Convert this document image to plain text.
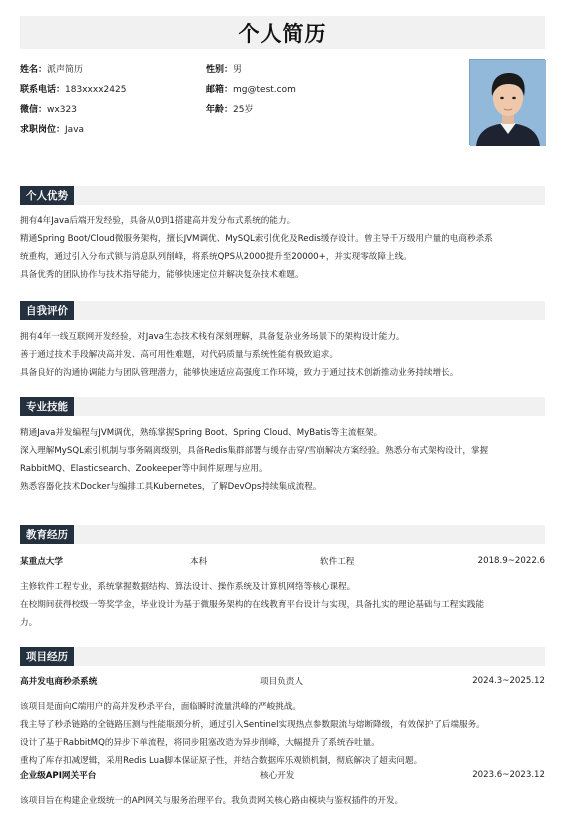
个人简历
姓名：派声简历	性别：男
联系电话：183xxxx2425	邮箱：mg@test.com
微信：wx323	年龄：25岁
求职岗位：Java
个人优势

拥有4年Java后端开发经验，具备从0到1搭建高并发分布式系统的能力。

精通Spring Boot/Cloud微服务架构，擅长JVM调优、MySQL索引优化及Redis缓存设计。曾主导千万级用户量的电商秒杀系

统重构，通过引入分布式锁与消息队列削峰，将系统QPS从2000提升至20000+，并实现零故障上线。

具备优秀的团队协作与技术指导能力，能够快速定位并解决复杂技术难题。

自我评价

拥有4年一线互联网开发经验，对Java生态技术栈有深刻理解，具备复杂业务场景下的架构设计能力。

善于通过技术手段解决高并发、高可用性难题，对代码质量与系统性能有极致追求。

具备良好的沟通协调能力与团队管理潜力，能够快速适应高强度工作环境，致力于通过技术创新推动业务持续增长。

专业技能

精通Java并发编程与JVM调优，熟练掌握Spring Boot、Spring Cloud、MyBatis等主流框架。

深入理解MySQL索引机制与事务隔离级别，具备Redis集群部署与缓存击穿/雪崩解决方案经验。熟悉分布式架构设计，掌握

RabbitMQ、Elasticsearch、Zookeeper等中间件原理与应用。

熟悉容器化技术Docker与编排工具Kubernetes，了解DevOps持续集成流程。

教育经历
某重点大学	本科	软件工程	2018.9~2022.6

主修软件工程专业，系统掌握数据结构、算法设计、操作系统及计算机网络等核心课程。

在校期间获得校级一等奖学金，毕业设计为基于微服务架构的在线教育平台设计与实现，具备扎实的理论基础与工程实践能

力。

项目经历
高并发电商秒杀系统	项目负责人	2024.3~2025.12

该项目是面向C端用户的高并发秒杀平台，面临瞬时流量洪峰的严峻挑战。

我主导了秒杀链路的全链路压测与性能瓶颈分析，通过引入Sentinel实现热点参数限流与熔断降级，有效保护了后端服务。

设计了基于RabbitMQ的异步下单流程，将同步阻塞改造为异步削峰，大幅提升了系统吞吐量。

重构了库存扣减逻辑，采用Redis Lua脚本保证原子性，并结合数据库乐观锁机制，彻底解决了超卖问题。

企业级API网关平台	核心开发	2023.6~2023.12

该项目旨在构建企业级统一的API网关与服务治理平台。我负责网关核心路由模块与鉴权插件的开发。
